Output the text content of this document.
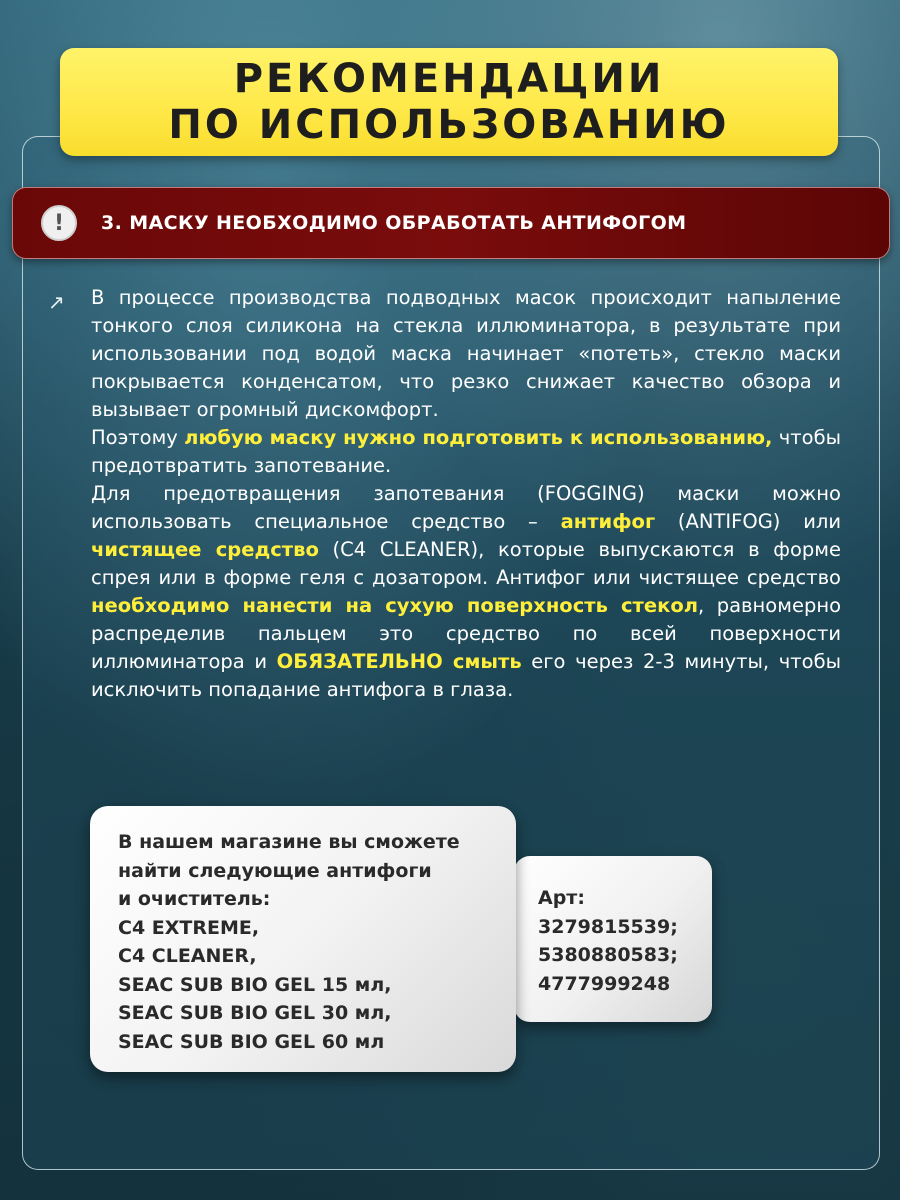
РЕКОМЕНДАЦИИ
ПО ИСПОЛЬЗОВАНИЮ
!	3. МАСКУ НЕОБХОДИМО ОБРАБОТАТЬ АНТИФОГОМ
↗ В процессе производства подводных масок происходит напыление тонкого слоя силикона на стекла иллюминатора, в результате при использовании под водой маска начинает «потеть», стекло маски покрывается конденсатом, что резко снижает качество обзора и вызывает огромный дискомфорт.

Поэтому любую маску нужно подготовить к использованию, чтобы предотвратить запотевание.

Для предотвращения запотевания (FOGGING) маски можно использовать специальное средство – антифог (ANTIFOG) или чистящее средство (C4 CLEANER), которые выпускаются в форме спрея или в форме геля с дозатором. Антифог или чистящее средство необходимо нанести на сухую поверхность стекол, равномерно распределив пальцем это средство по всей поверхности иллюминатора и ОБЯЗАТЕЛЬНО смыть его через 2-3 минуты, чтобы исключить попадание антифога в глаза.

Арт:
3279815539;
5380880583;
4777999248
В нашем магазине вы сможете
найти следующие антифоги
и очиститель:
C4 EXTREME,
C4 CLEANER,
SEAC SUB BIO GEL 15 мл,
SEAC SUB BIO GEL 30 мл,
SEAC SUB BIO GEL 60 мл
